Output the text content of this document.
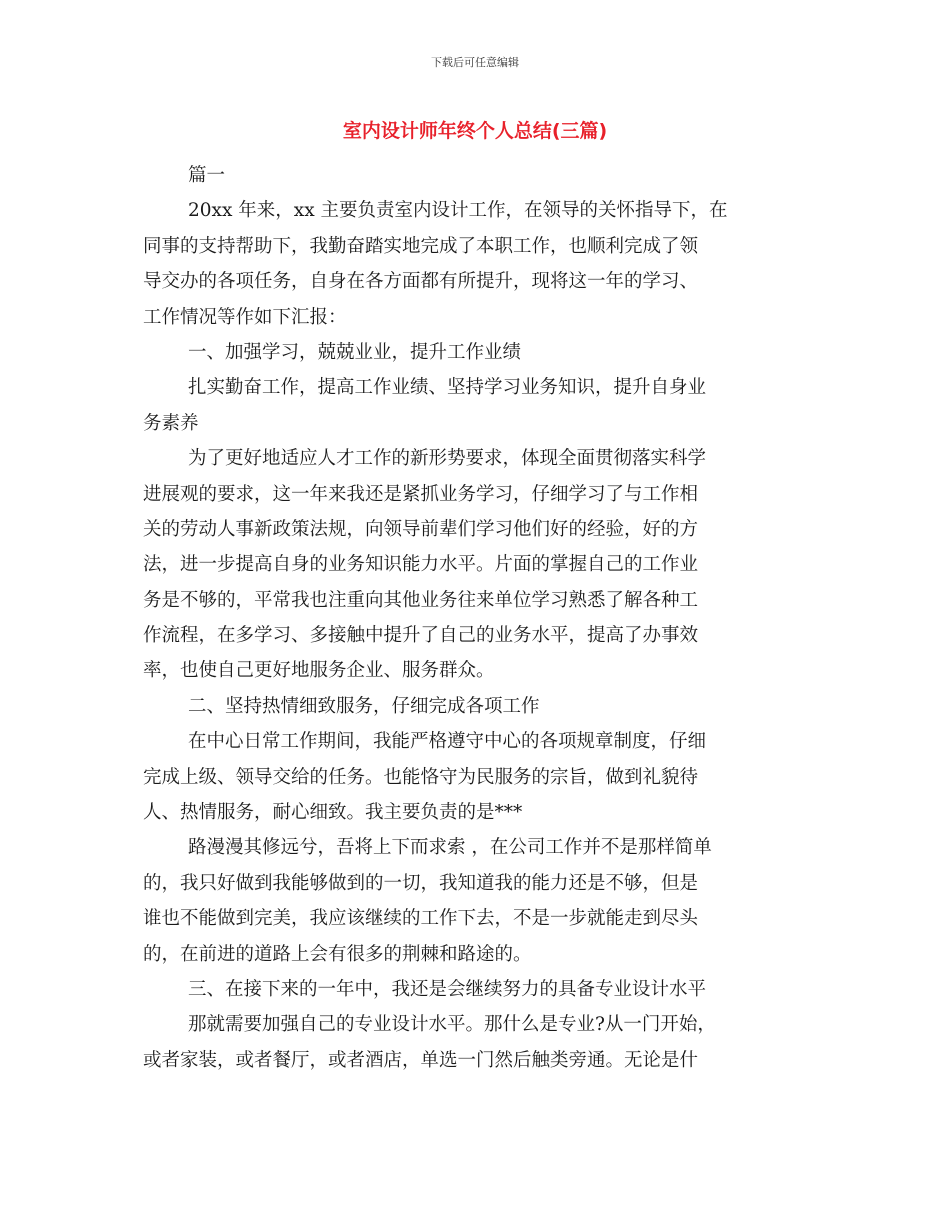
下载后可任意编辑
室内设计师年终个人总结(三篇)
篇一
20xx 年来，xx 主要负责室内设计工作，在领导的关怀指导下，在
同事的支持帮助下，我勤奋踏实地完成了本职工作，也顺利完成了领
导交办的各项任务，自身在各方面都有所提升，现将这一年的学习、
工作情况等作如下汇报：
一、加强学习，兢兢业业，提升工作业绩
扎实勤奋工作，提高工作业绩、坚持学习业务知识，提升自身业
务素养
为了更好地适应人才工作的新形势要求，体现全面贯彻落实科学
进展观的要求，这一年来我还是紧抓业务学习，仔细学习了与工作相
关的劳动人事新政策法规，向领导前辈们学习他们好的经验，好的方
法，进一步提高自身的业务知识能力水平。片面的掌握自己的工作业
务是不够的，平常我也注重向其他业务往来单位学习熟悉了解各种工
作流程，在多学习、多接触中提升了自己的业务水平，提高了办事效
率，也使自己更好地服务企业、服务群众。
二、坚持热情细致服务，仔细完成各项工作
在中心日常工作期间，我能严格遵守中心的各项规章制度，仔细
完成上级、领导交给的任务。也能恪守为民服务的宗旨，做到礼貌待
人、热情服务，耐心细致。我主要负责的是***
路漫漫其修远兮，吾将上下而求索 ，在公司工作并不是那样简单
的，我只好做到我能够做到的一切，我知道我的能力还是不够，但是
谁也不能做到完美，我应该继续的工作下去，不是一步就能走到尽头
的，在前进的道路上会有很多的荆棘和路途的。
三、在接下来的一年中，我还是会继续努力的具备专业设计水平
那就需要加强自己的专业设计水平。那什么是专业?从一门开始，
或者家装，或者餐厅，或者酒店，单选一门然后触类旁通。无论是什
